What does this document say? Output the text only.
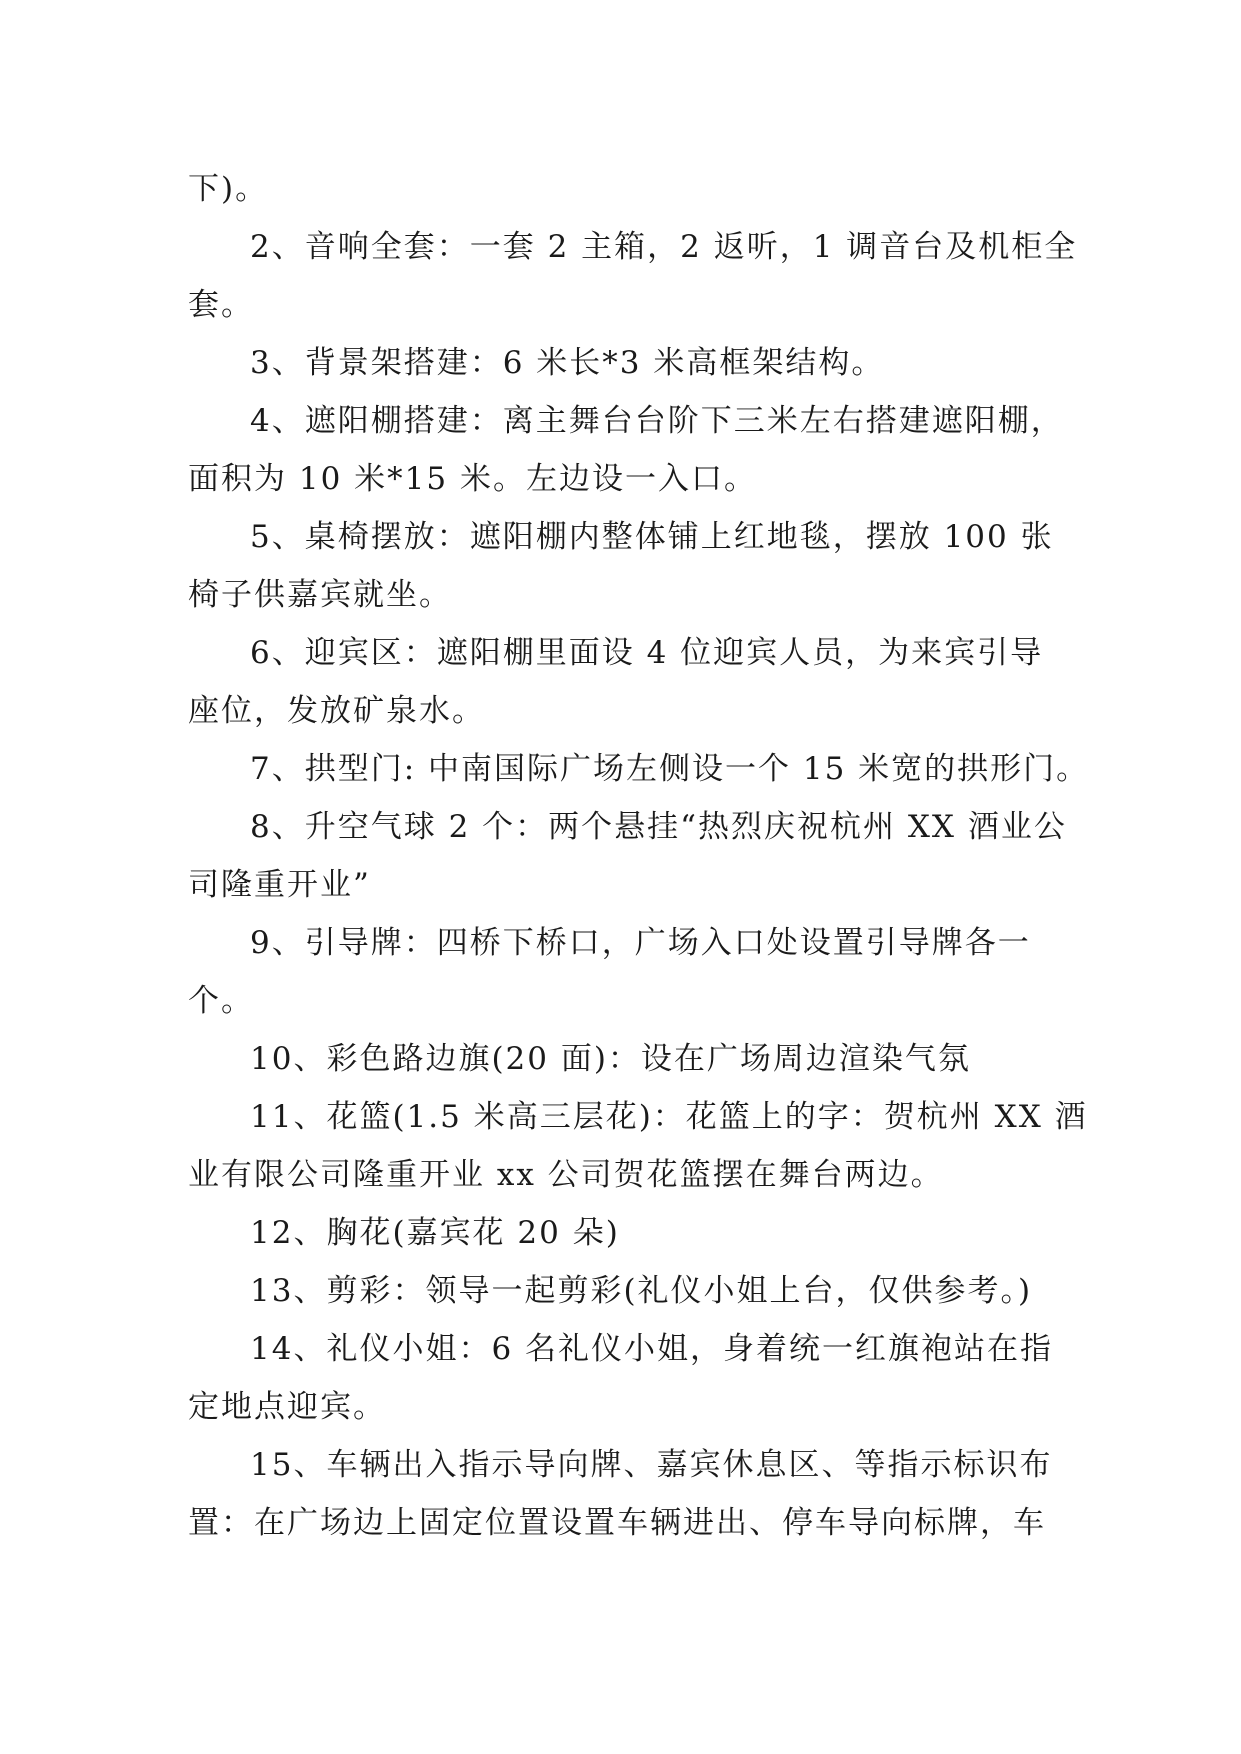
下)。
2、音响全套：一套 2 主箱，2 返听，1 调音台及机柜全
套。
3、背景架搭建：6 米长*3 米高框架结构。
4、遮阳棚搭建：离主舞台台阶下三米左右搭建遮阳棚，
面积为 10 米*15 米。左边设一入口。
5、桌椅摆放：遮阳棚内整体铺上红地毯，摆放 100 张
椅子供嘉宾就坐。
6、迎宾区：遮阳棚里面设 4 位迎宾人员，为来宾引导
座位，发放矿泉水。
7、拱型门: 中南国际广场左侧设一个 15 米宽的拱形门。
8、升空气球 2 个：两个悬挂“热烈庆祝杭州 XX 酒业公
司隆重开业”
9、引导牌：四桥下桥口，广场入口处设置引导牌各一
个。
10、彩色路边旗(20 面)：设在广场周边渲染气氛
11、花篮(1.5 米高三层花)：花篮上的字：贺杭州 XX 酒
业有限公司隆重开业 xx 公司贺花篮摆在舞台两边。
12、胸花(嘉宾花 20 朵)
13、剪彩：领导一起剪彩(礼仪小姐上台，仅供参考。)
14、礼仪小姐：6 名礼仪小姐，身着统一红旗袍站在指
定地点迎宾。
15、车辆出入指示导向牌、嘉宾休息区、等指示标识布
置：在广场边上固定位置设置车辆进出、停车导向标牌，车
